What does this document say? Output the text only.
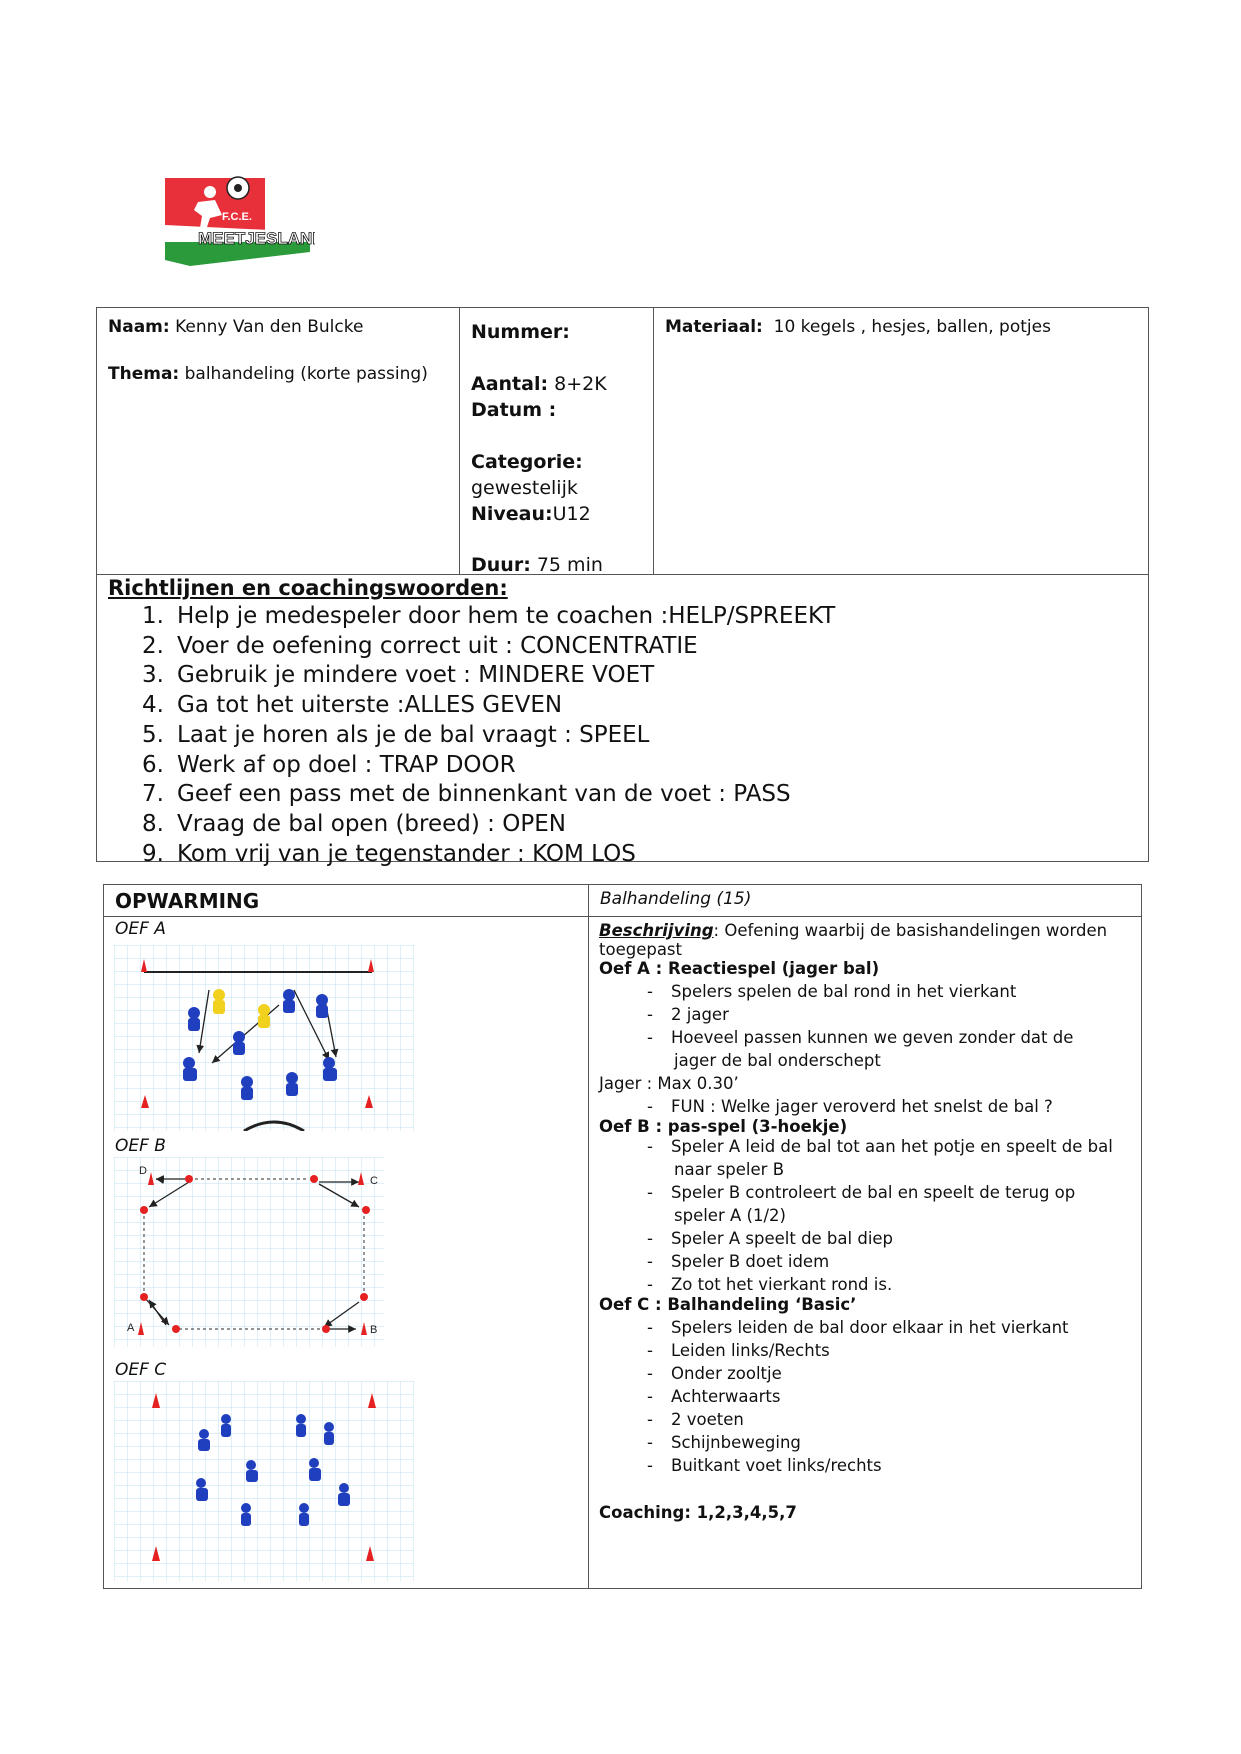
F.C.E.
MEETJESLAND
Naam: Kenny Van den Bulcke
Thema: balhandeling (korte passing)
Nummer:
Aantal: 8+2K
Datum :
Categorie:
gewestelijk
Niveau:U12
Duur: 75 min
Materiaal: 10 kegels , hesjes, ballen, potjes
Richtlijnen en coachingswoorden:
1. Help je medespeler door hem te coachen :HELP/SPREEKT
2. Voer de oefening correct uit : CONCENTRATIE
3. Gebruik je mindere voet : MINDERE VOET
4. Ga tot het uiterste :ALLES GEVEN
5. Laat je horen als je de bal vraagt : SPEEL
6. Werk af op doel : TRAP DOOR
7. Geef een pass met de binnenkant van de voet : PASS
8. Vraag de bal open (breed) : OPEN
9. Kom vrij van je tegenstander : KOM LOS
OPWARMING	Balhandeling (15)
OEF A
OEF B
OEF C
D
C
A	B
Beschrijving: Oefening waarbij de basishandelingen worden
toegepast
Oef A : Reactiespel (jager bal)
- Spelers spelen de bal rond in het vierkant
- 2 jager
- Hoeveel passen kunnen we geven zonder dat de
jager de bal onderschept
Jager : Max 0.30’
- FUN : Welke jager veroverd het snelst de bal ?
Oef B : pas-spel (3-hoekje)
- Speler A leid de bal tot aan het potje en speelt de bal
naar speler B
- Speler B controleert de bal en speelt de terug op
speler A (1/2)
- Speler A speelt de bal diep
- Speler B doet idem
- Zo tot het vierkant rond is.
Oef C : Balhandeling ‘Basic’
- Spelers leiden de bal door elkaar in het vierkant
- Leiden links/Rechts
- Onder zooltje
- Achterwaarts
- 2 voeten
- Schijnbeweging
- Buitkant voet links/rechts
Coaching: 1,2,3,4,5,7
